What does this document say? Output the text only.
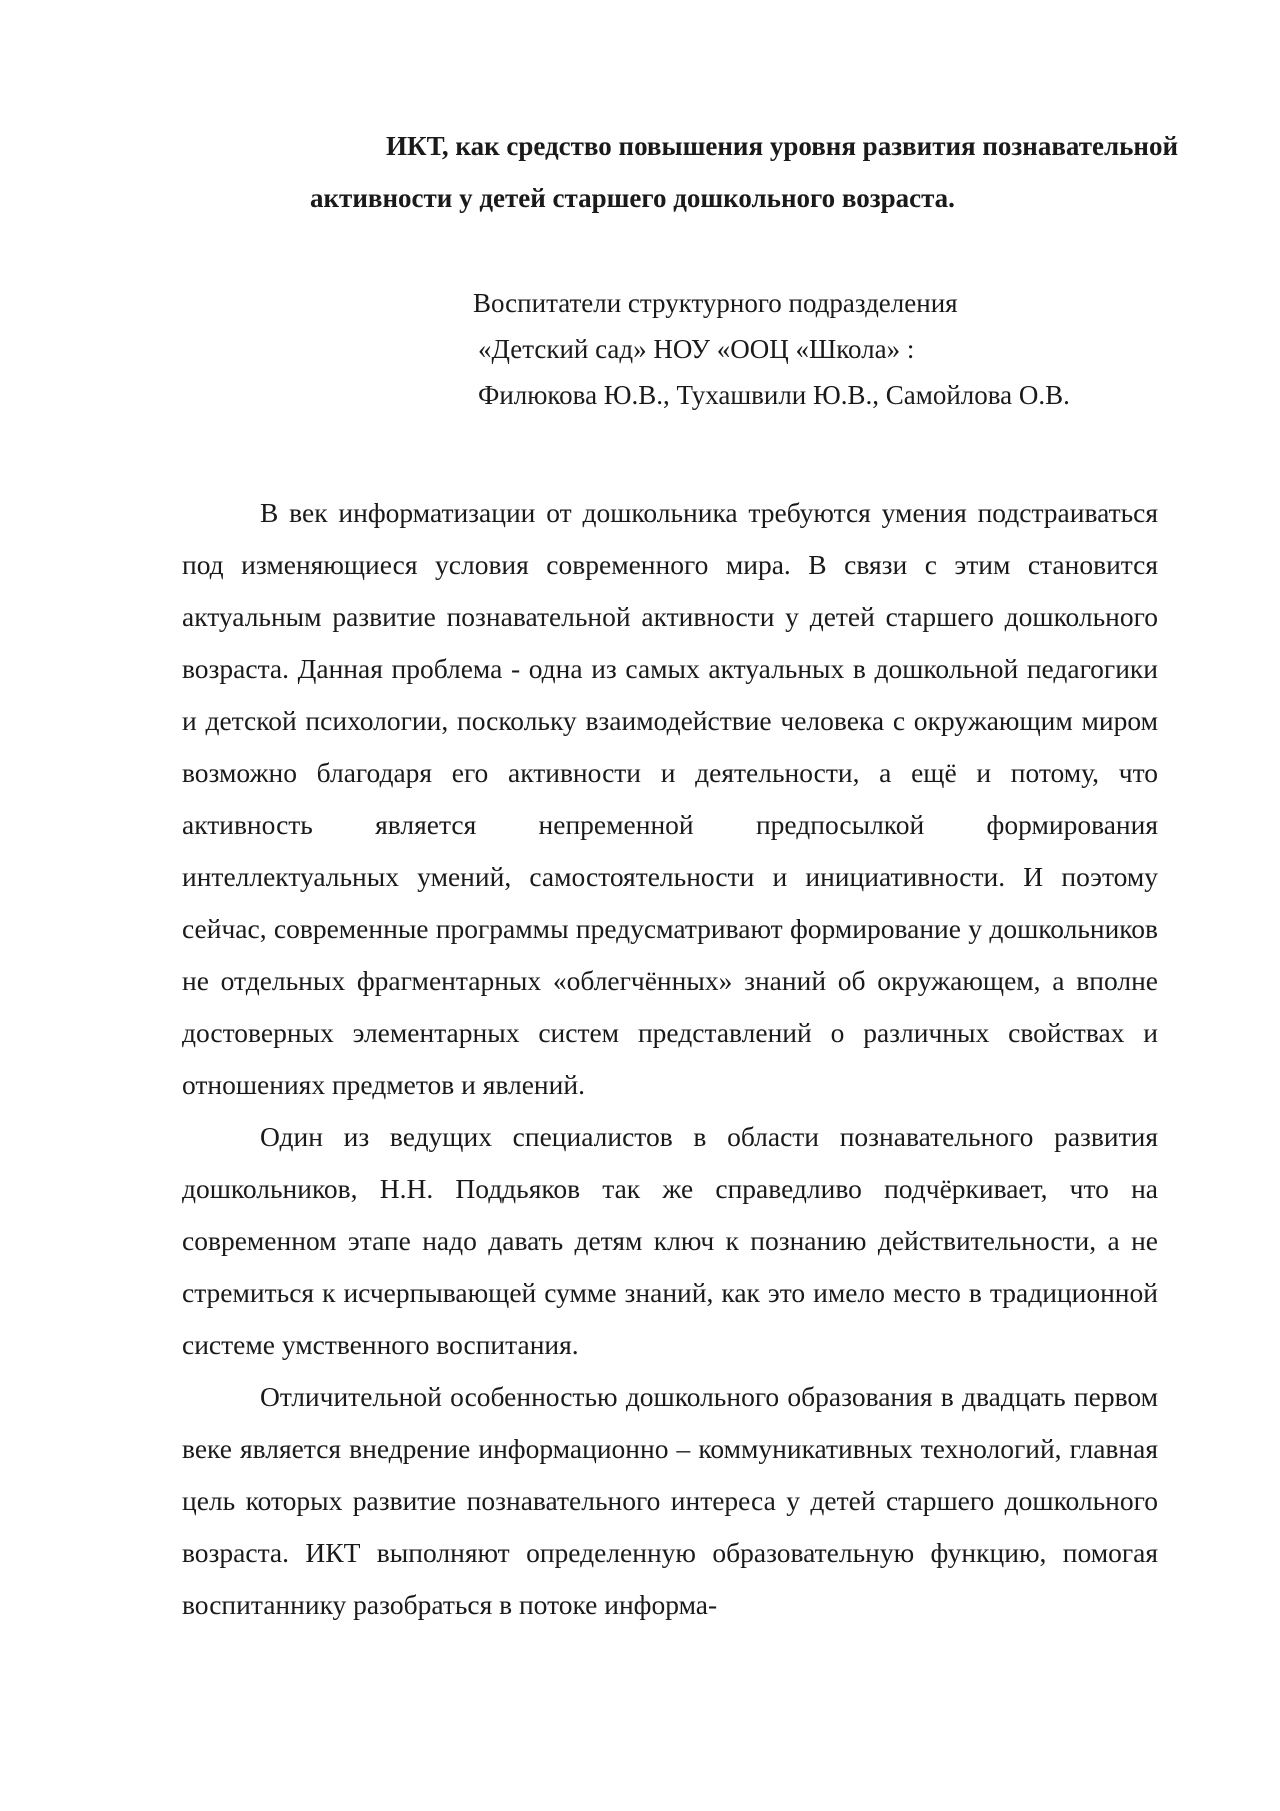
ИКТ, как средство повышения уровня развития познавательной
активности у детей старшего дошкольного возраста.
Воспитатели структурного подразделения
«Детский сад» НОУ «ООЦ «Школа» :
Филюкова Ю.В., Тухашвили Ю.В., Самойлова О.В.

В век информатизации от дошкольника требуются умения подстраиваться под изменяющиеся условия современного мира. В связи с этим становится актуальным развитие познавательной активности у детей старшего дошкольного возраста. Данная проблема - одна из самых актуальных в дошкольной педагогики и детской психологии, поскольку взаимодействие человека с окружающим миром возможно благодаря его активности и деятельности, а ещё и потому, что активность является непременной предпосылкой формирования интеллектуальных умений, самостоятельности и инициативности. И поэтому сейчас, современные программы предусматривают формирование у дошкольников не отдельных фрагментарных «облегчённых» знаний об окружающем, а вполне достоверных элементарных систем представлений о различных свойствах и отношениях предметов и явлений.

Один из ведущих специалистов в области познавательного развития дошкольников, Н.Н. Поддьяков так же справедливо подчёркивает, что на современном этапе надо давать детям ключ к познанию действительности, а не стремиться к исчерпывающей сумме знаний, как это имело место в традиционной системе умственного воспитания.

Отличительной особенностью дошкольного образования в двадцать первом веке является внедрение информационно – коммуникативных технологий, главная цель которых развитие познавательного интереса у детей старшего дошкольного возраста. ИКТ выполняют определенную образовательную функцию, помогая воспитаннику разобраться в потоке информа-
